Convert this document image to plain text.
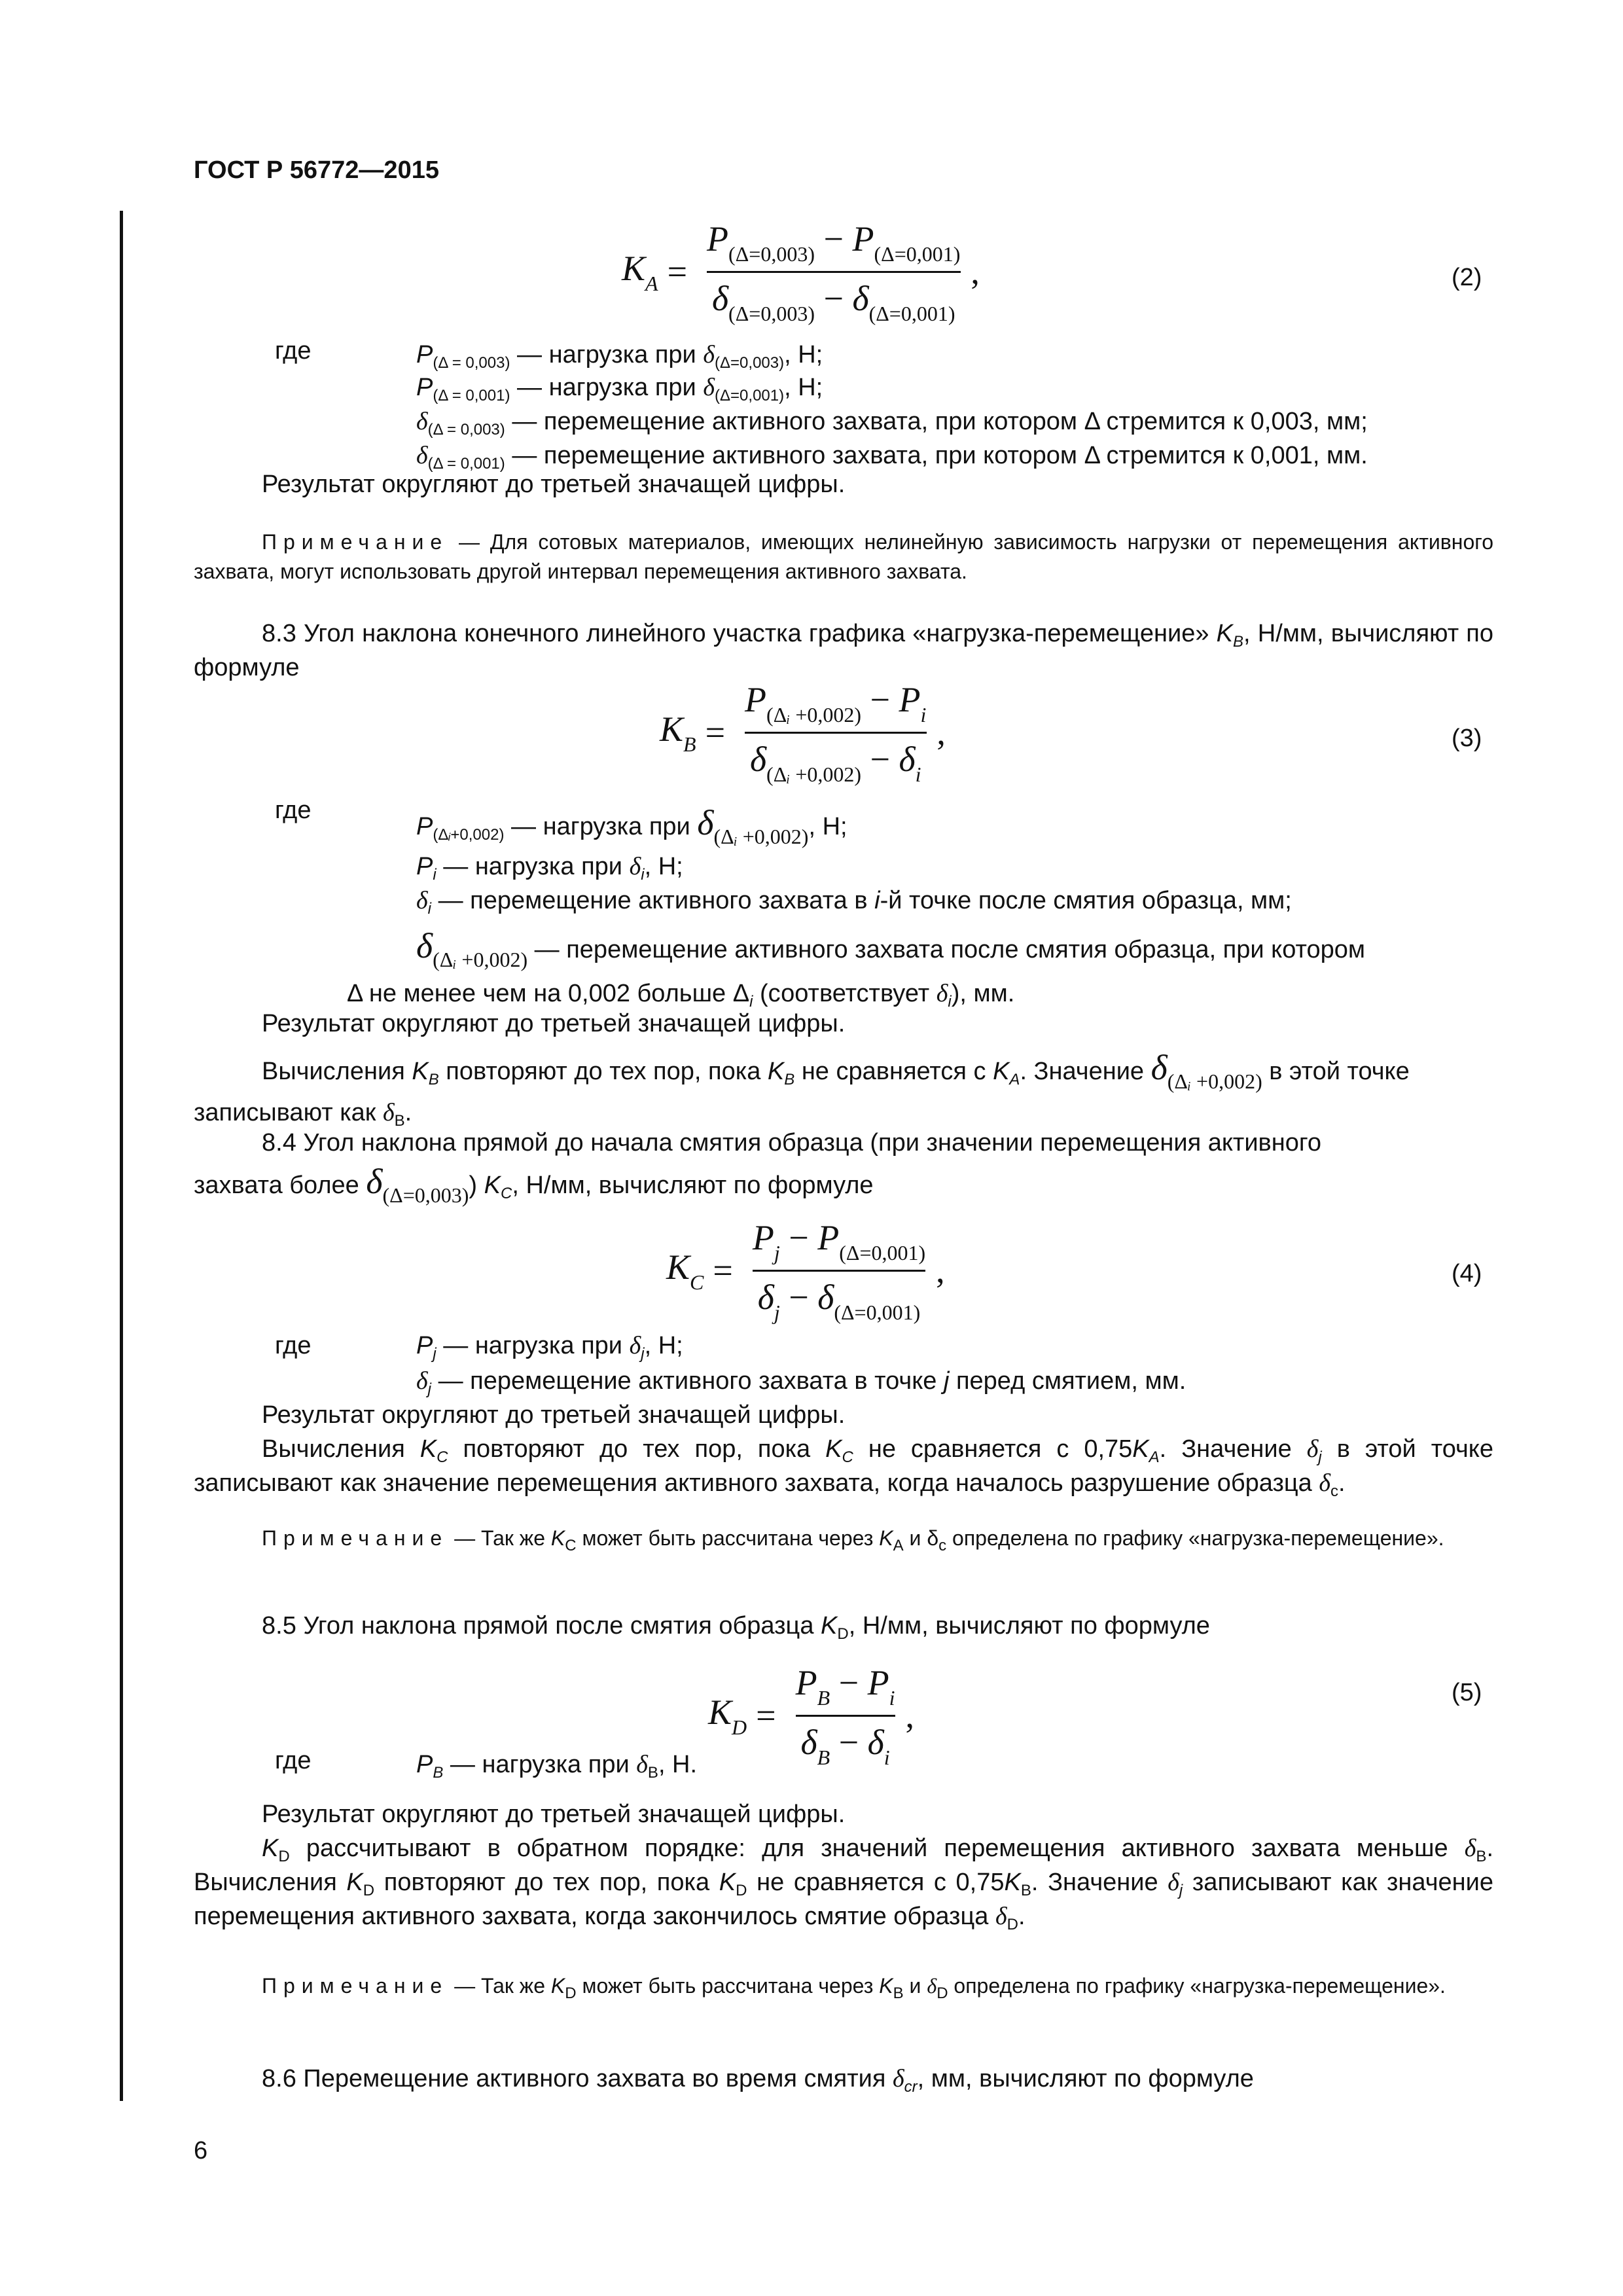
ГОСТ Р 56772—2015
$K_A = \frac{P_{(\Delta=0,003)} - P_{(\Delta=0,001)}}{\delta_{(\Delta=0,003)} - \delta_{(\Delta=0,001)}}$ ,	(2)
где	$P_{(\Delta = 0,003)}$ — нагрузка при $\delta_{(\Delta=0,003)}$, Н;
$P_{(\Delta = 0,001)}$ — нагрузка при $\delta_{(\Delta=0,001)}$, Н;
$\delta_{(\Delta = 0,003)}$ — перемещение активного захвата, при котором Δ стремится к 0,003, мм;
$\delta_{(\Delta = 0,001)}$ — перемещение активного захвата, при котором Δ стремится к 0,001, мм.
Результат округляют до третьей значащей цифры.
Примечание — Для сотовых материалов, имеющих нелинейную зависимость нагрузки от перемещения активного захвата, могут использовать другой интервал перемещения активного захвата.
8.3 Угол наклона конечного линейного участка графика «нагрузка-перемещение» $K_B$, Н/мм, вычисляют по формуле
$K_B = \frac{P_{(\Delta ᵢ +0,002)} - P_i}{\delta_{(\Delta ᵢ +0,002)} - \delta_i}$ ,	(3)
где
$P_{(\Delta ᵢ+0,002)}$ — нагрузка при $\delta_{(\Delta ᵢ +0,002)}$, Н;
$P_i$ — нагрузка при $\delta_i$, Н;
$\delta_i$ — перемещение активного захвата в i-й точке после смятия образца, мм;
$\delta_{(\Delta ᵢ +0,002)}$ — перемещение активного захвата после смятия образца, при котором
Δ не менее чем на 0,002 больше $\Delta_i$ (соответствует $\delta_i$), мм.
Результат округляют до третьей значащей цифры.
Вычисления $K_B$ повторяют до тех пор, пока $K_B$ не сравняется с $K_A$. Значение $\delta_{(\Delta ᵢ +0,002)}$ в этой точке
записывают как $\delta_B$.
8.4 Угол наклона прямой до начала смятия образца (при значении перемещения активного
захвата более $\delta_{(\Delta=0,003)}$) $K_C$, Н/мм, вычисляют по формуле
$K_C = \frac{P_j - P_{(\Delta=0,001)}}{\delta_j - \delta_{(\Delta=0,001)}}$ ,	(4)
где	$P_j$ — нагрузка при $\delta_j$, Н;
$\delta_j$ — перемещение активного захвата в точке j перед смятием, мм.
Результат округляют до третьей значащей цифры.
Вычисления $K_C$ повторяют до тех пор, пока $K_C$ не сравняется с $0,75K_A$. Значение $\delta_j$ в этой точке записывают как значение перемещения активного захвата, когда началось разрушение образца $\delta_c$.
Примечание — Так же $K_C$ может быть рассчитана через $K_A$ и $\delta_c$ определена по графику «нагрузка-перемещение».
8.5 Угол наклона прямой после смятия образца $K_D$, Н/мм, вычисляют по формуле
$K_D = \frac{P_B - P_i}{\delta_B - \delta_i}$ ,
(5)
где	$P_B$ — нагрузка при $\delta_B$, Н.
Результат округляют до третьей значащей цифры.
$K_D$ рассчитывают в обратном порядке: для значений перемещения активного захвата меньше $\delta_B$. Вычисления $K_D$ повторяют до тех пор, пока $K_D$ не сравняется с $0,75K_B$. Значение $\delta_j$ записывают как значение перемещения активного захвата, когда закончилось смятие образца $\delta_D$.
Примечание — Так же $K_D$ может быть рассчитана через $K_B$ и $\delta_D$ определена по графику «нагрузка-перемещение».
8.6 Перемещение активного захвата во время смятия $\delta_{cr}$, мм, вычисляют по формуле
6
